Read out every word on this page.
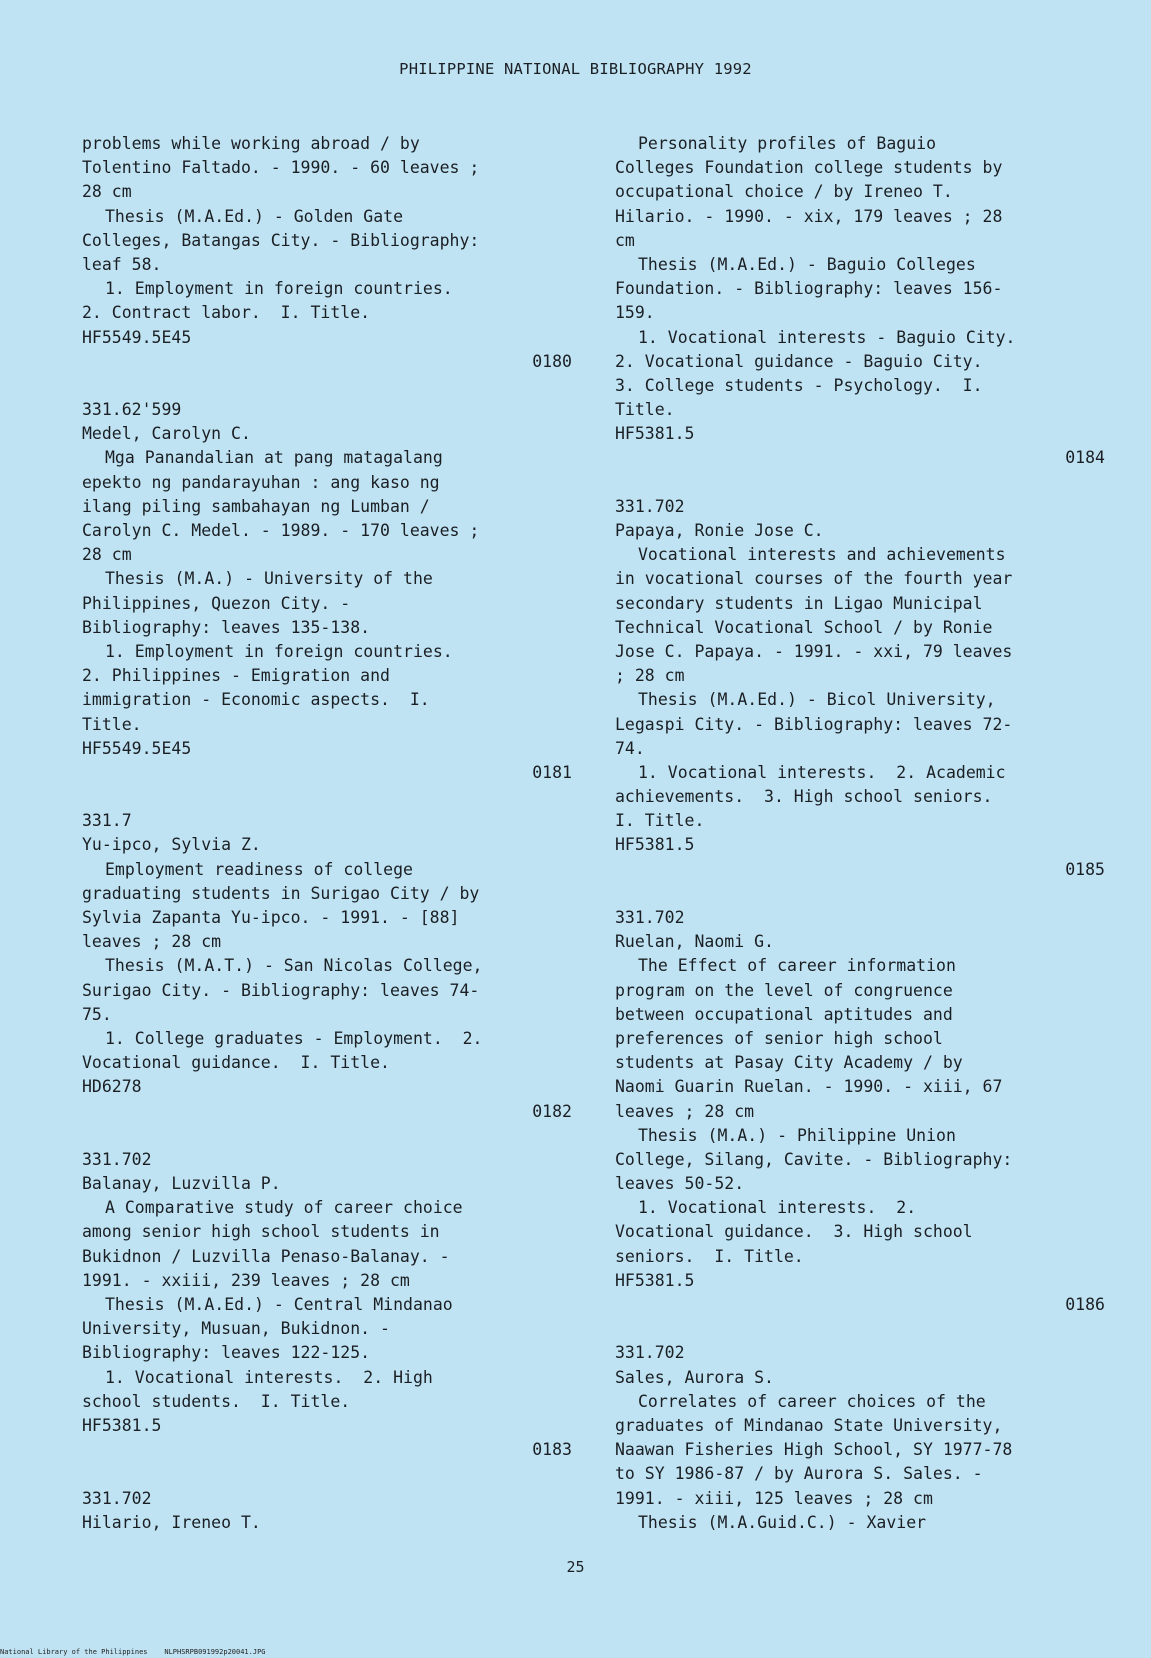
PHILIPPINE NATIONAL BIBLIOGRAPHY 1992
problems while working abroad / by
Tolentino Faltado. - 1990. - 60 leaves ;
28 cm
Thesis (M.A.Ed.) - Golden Gate
Colleges, Batangas City. - Bibliography:
leaf 58.
1. Employment in foreign countries.
2. Contract labor.  I. Title.
HF5549.5E45
0180
331.62'599
Medel, Carolyn C.
Mga Panandalian at pang matagalang
epekto ng pandarayuhan : ang kaso ng
ilang piling sambahayan ng Lumban /
Carolyn C. Medel. - 1989. - 170 leaves ;
28 cm
Thesis (M.A.) - University of the
Philippines, Quezon City. -
Bibliography: leaves 135-138.
1. Employment in foreign countries.
2. Philippines - Emigration and
immigration - Economic aspects.  I.
Title.
HF5549.5E45
0181
331.7
Yu-ipco, Sylvia Z.
Employment readiness of college
graduating students in Surigao City / by
Sylvia Zapanta Yu-ipco. - 1991. - [88]
leaves ; 28 cm
Thesis (M.A.T.) - San Nicolas College,
Surigao City. - Bibliography: leaves 74-
75.
1. College graduates - Employment.  2.
Vocational guidance.  I. Title.
HD6278
0182
331.702
Balanay, Luzvilla P.
A Comparative study of career choice
among senior high school students in
Bukidnon / Luzvilla Penaso-Balanay. -
1991. - xxiii, 239 leaves ; 28 cm
Thesis (M.A.Ed.) - Central Mindanao
University, Musuan, Bukidnon. -
Bibliography: leaves 122-125.
1. Vocational interests.  2. High
school students.  I. Title.
HF5381.5
0183
331.702
Hilario, Ireneo T.
Personality profiles of Baguio
Colleges Foundation college students by
occupational choice / by Ireneo T.
Hilario. - 1990. - xix, 179 leaves ; 28
cm
Thesis (M.A.Ed.) - Baguio Colleges
Foundation. - Bibliography: leaves 156-
159.
1. Vocational interests - Baguio City.
2. Vocational guidance - Baguio City.
3. College students - Psychology.  I.
Title.
HF5381.5
0184
331.702
Papaya, Ronie Jose C.
Vocational interests and achievements
in vocational courses of the fourth year
secondary students in Ligao Municipal
Technical Vocational School / by Ronie
Jose C. Papaya. - 1991. - xxi, 79 leaves
; 28 cm
Thesis (M.A.Ed.) - Bicol University,
Legaspi City. - Bibliography: leaves 72-
74.
1. Vocational interests.  2. Academic
achievements.  3. High school seniors.
I. Title.
HF5381.5
0185
331.702
Ruelan, Naomi G.
The Effect of career information
program on the level of congruence
between occupational aptitudes and
preferences of senior high school
students at Pasay City Academy / by
Naomi Guarin Ruelan. - 1990. - xiii, 67
leaves ; 28 cm
Thesis (M.A.) - Philippine Union
College, Silang, Cavite. - Bibliography:
leaves 50-52.
1. Vocational interests.  2.
Vocational guidance.  3. High school
seniors.  I. Title.
HF5381.5
0186
331.702
Sales, Aurora S.
Correlates of career choices of the
graduates of Mindanao State University,
Naawan Fisheries High School, SY 1977-78
to SY 1986-87 / by Aurora S. Sales. -
1991. - xiii, 125 leaves ; 28 cm
Thesis (M.A.Guid.C.) - Xavier
25
National Library of the Philippines    NLPHSRPB091992p20041.JPG
